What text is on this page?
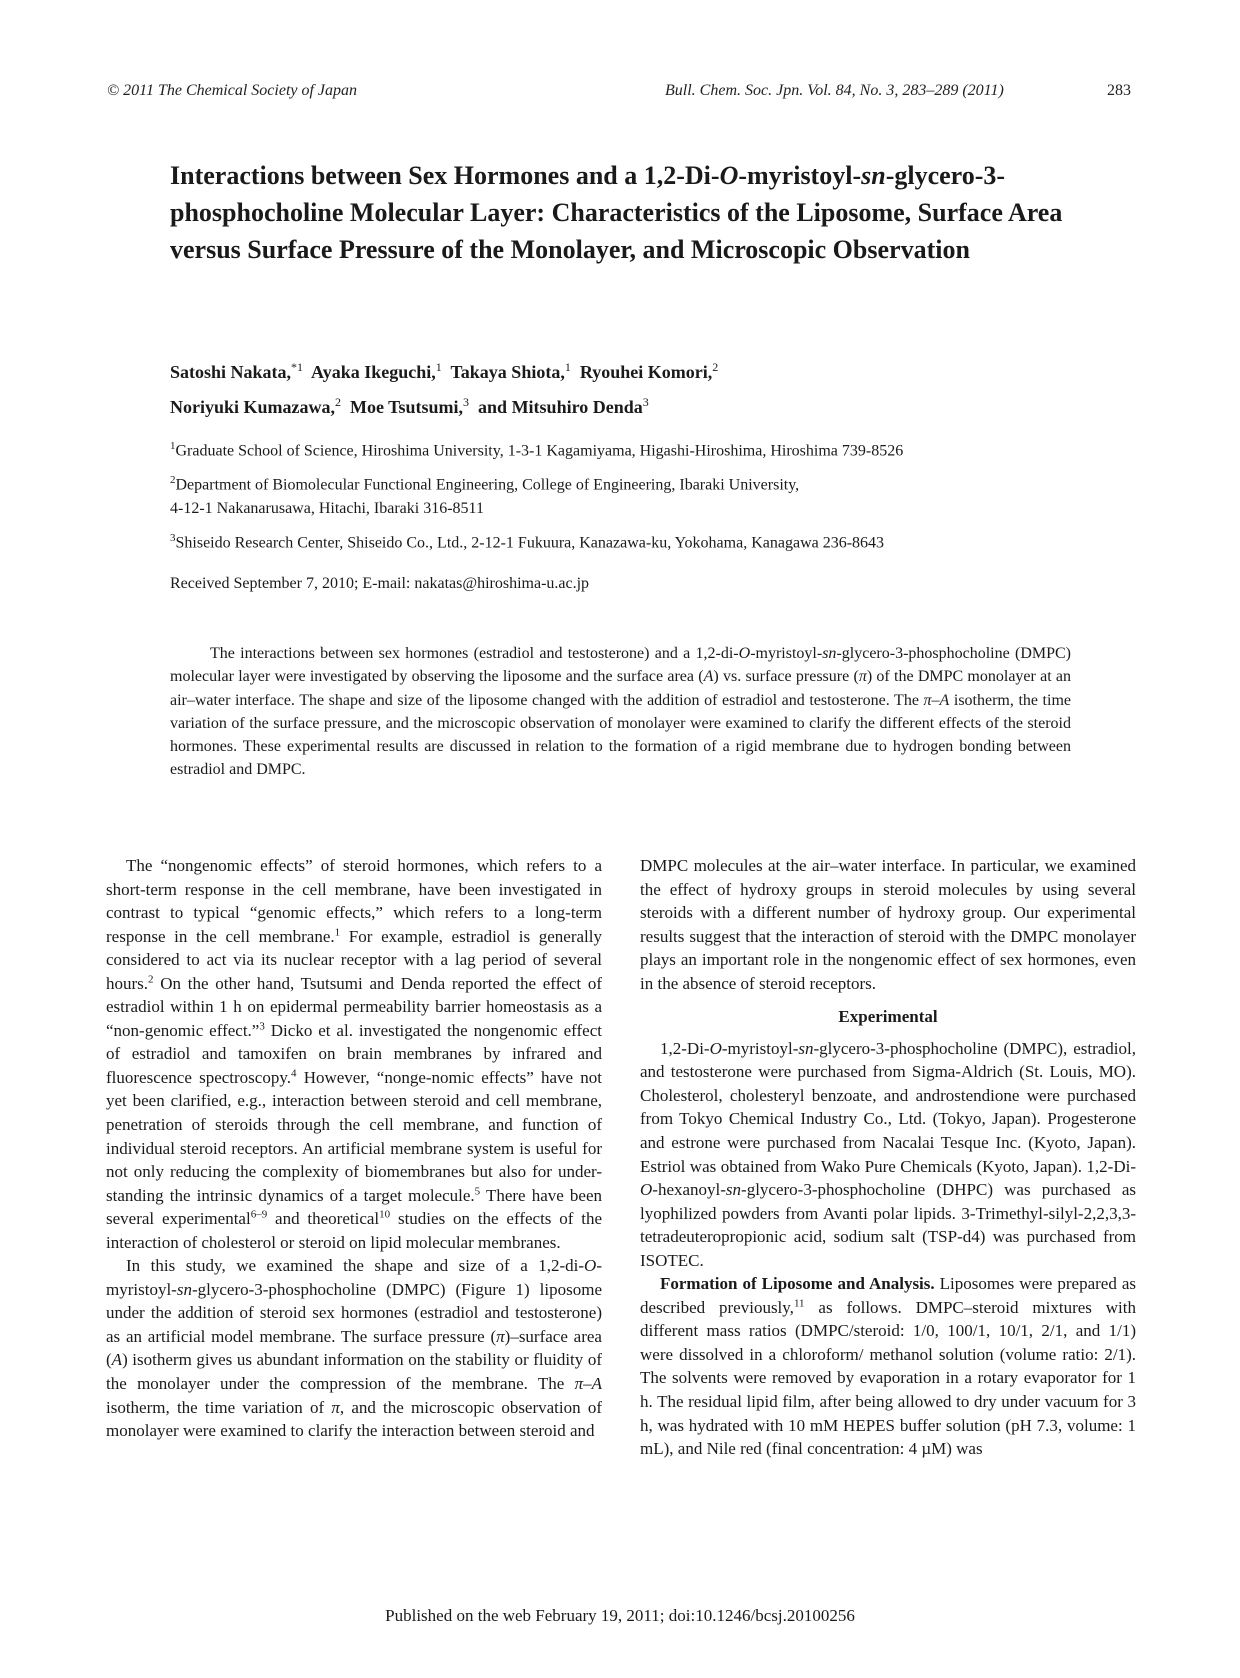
© 2011 The Chemical Society of Japan	Bull. Chem. Soc. Jpn. Vol. 84, No. 3, 283–289 (2011)	283
Interactions between Sex Hormones and a 1,2-Di-O-myristoyl-sn-glycero-3-phosphocholine Molecular Layer: Characteristics of the Liposome, Surface Area versus Surface Pressure of the Monolayer, and Microscopic Observation
Satoshi Nakata,$^{*1}$ Ayaka Ikeguchi,$^1$ Takaya Shiota,$^1$ Ryouhei Komori,$^2$
Noriyuki Kumazawa,$^2$ Moe Tsutsumi,$^3$ and Mitsuhiro Denda$^3$
$^1$Graduate School of Science, Hiroshima University, 1-3-1 Kagamiyama, Higashi-Hiroshima, Hiroshima 739-8526
$^2$Department of Biomolecular Functional Engineering, College of Engineering, Ibaraki University,
4-12-1 Nakanarusawa, Hitachi, Ibaraki 316-8511
$^3$Shiseido Research Center, Shiseido Co., Ltd., 2-12-1 Fukuura, Kanazawa-ku, Yokohama, Kanagawa 236-8643
Received September 7, 2010; E-mail: nakatas@hiroshima-u.ac.jp
The interactions between sex hormones (estradiol and testosterone) and a 1,2-di-O-myristoyl-sn-glycero-3-phosphocholine (DMPC) molecular layer were investigated by observing the liposome and the surface area (A) vs. surface pressure (π) of the DMPC monolayer at an air–water interface. The shape and size of the liposome changed with the addition of estradiol and testosterone. The π–A isotherm, the time variation of the surface pressure, and the microscopic observation of monolayer were examined to clarify the different effects of the steroid hormones. These experimental results are discussed in relation to the formation of a rigid membrane due to hydrogen bonding between estradiol and DMPC.

The “nongenomic effects” of steroid hormones, which refers to a short-term response in the cell membrane, have been investigated in contrast to typical “genomic effects,” which refers to a long-term response in the cell membrane.$^1$ For example, estradiol is generally considered to act via its nuclear receptor with a lag period of several hours.$^2$ On the other hand, Tsutsumi and Denda reported the effect of estradiol within 1 h on epidermal permeability barrier homeostasis as a “non-genomic effect.”$^3$ Dicko et al. investigated the nongenomic effect of estradiol and tamoxifen on brain membranes by infrared and fluorescence spectroscopy.$^4$ However, “nonge-nomic effects” have not yet been clarified, e.g., interaction between steroid and cell membrane, penetration of steroids through the cell membrane, and function of individual steroid receptors. An artificial membrane system is useful for not only reducing the complexity of biomembranes but also for under-standing the intrinsic dynamics of a target molecule.$^5$ There have been several experimental$^{6-9}$ and theoretical$^{10}$ studies on the effects of the interaction of cholesterol or steroid on lipid molecular membranes.

In this study, we examined the shape and size of a 1,2-di-O-myristoyl-sn-glycero-3-phosphocholine (DMPC) (Figure 1) liposome under the addition of steroid sex hormones (estradiol and testosterone) as an artificial model membrane. The surface pressure (π)–surface area (A) isotherm gives us abundant information on the stability or fluidity of the monolayer under the compression of the membrane. The π–A isotherm, the time variation of π, and the microscopic observation of monolayer were examined to clarify the interaction between steroid and

DMPC molecules at the air–water interface. In particular, we examined the effect of hydroxy groups in steroid molecules by using several steroids with a different number of hydroxy group. Our experimental results suggest that the interaction of steroid with the DMPC monolayer plays an important role in the nongenomic effect of sex hormones, even in the absence of steroid receptors.

Experimental

1,2-Di-O-myristoyl-sn-glycero-3-phosphocholine (DMPC), estradiol, and testosterone were purchased from Sigma-Aldrich (St. Louis, MO). Cholesterol, cholesteryl benzoate, and androstendione were purchased from Tokyo Chemical Industry Co., Ltd. (Tokyo, Japan). Progesterone and estrone were purchased from Nacalai Tesque Inc. (Kyoto, Japan). Estriol was obtained from Wako Pure Chemicals (Kyoto, Japan). 1,2-Di-O-hexanoyl-sn-glycero-3-phosphocholine (DHPC) was purchased as lyophilized powders from Avanti polar lipids. 3-Trimethyl-silyl-2,2,3,3-tetradeuteropropionic acid, sodium salt (TSP-d4) was purchased from ISOTEC.

Formation of Liposome and Analysis. Liposomes were prepared as described previously,$^{11}$ as follows. DMPC–steroid mixtures with different mass ratios (DMPC/steroid: 1/0, 100/1, 10/1, 2/1, and 1/1) were dissolved in a chloroform/ methanol solution (volume ratio: 2/1). The solvents were removed by evaporation in a rotary evaporator for 1 h. The residual lipid film, after being allowed to dry under vacuum for 3 h, was hydrated with 10 mM HEPES buffer solution (pH 7.3, volume: 1 mL), and Nile red (final concentration: 4 µM) was

Published on the web February 19, 2011; doi:10.1246/bcsj.20100256
